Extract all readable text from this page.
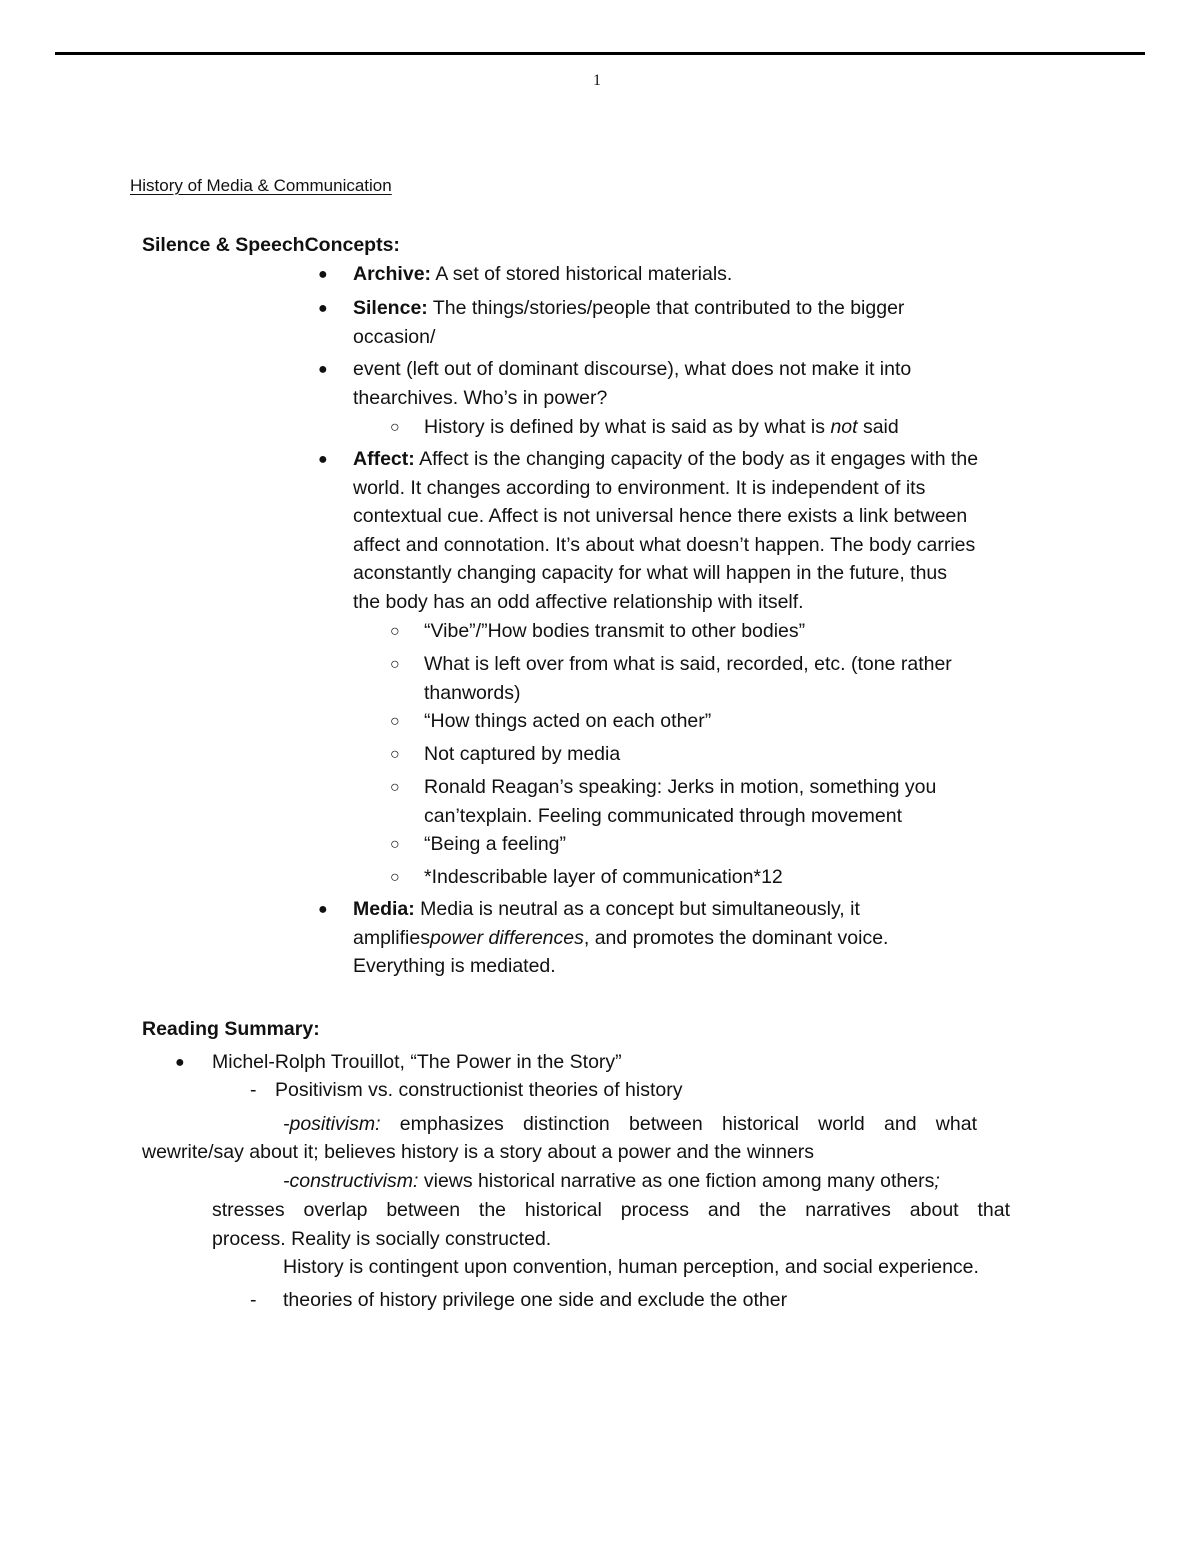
1
History of Media & Communication
Silence & SpeechConcepts:
● Archive: A set of stored historical materials.
● Silence: The things/stories/people that contributed to the bigger
occasion/
● event (left out of dominant discourse), what does not make it into
thearchives. Who’s in power?
○ History is defined by what is said as by what is not said
● Affect: Affect is the changing capacity of the body as it engages with the
world. It changes according to environment. It is independent of its
contextual cue. Affect is not universal hence there exists a link between
affect and connotation. It’s about what doesn’t happen. The body carries
aconstantly changing capacity for what will happen in the future, thus
the body has an odd affective relationship with itself.
○ “Vibe”/”How bodies transmit to other bodies”
○ What is left over from what is said, recorded, etc. (tone rather
thanwords)
○ “How things acted on each other”
○ Not captured by media
○ Ronald Reagan’s speaking: Jerks in motion, something you
can’texplain. Feeling communicated through movement
○ “Being a feeling”
○ *Indescribable layer of communication*12
● Media: Media is neutral as a concept but simultaneously, it
amplifiespower differences, and promotes the dominant voice.
Everything is mediated.
Reading Summary:
● Michel-Rolph Trouillot, “The Power in the Story”
- Positivism vs. constructionist theories of history
-positivism: emphasizes distinction between historical world and what
wewrite/say about it; believes history is a story about a power and the winners
-constructivism: views historical narrative as one fiction among many others;
stresses overlap between the historical process and the narratives about that
process. Reality is socially constructed.
History is contingent upon convention, human perception, and social experience.
- theories of history privilege one side and exclude the other
